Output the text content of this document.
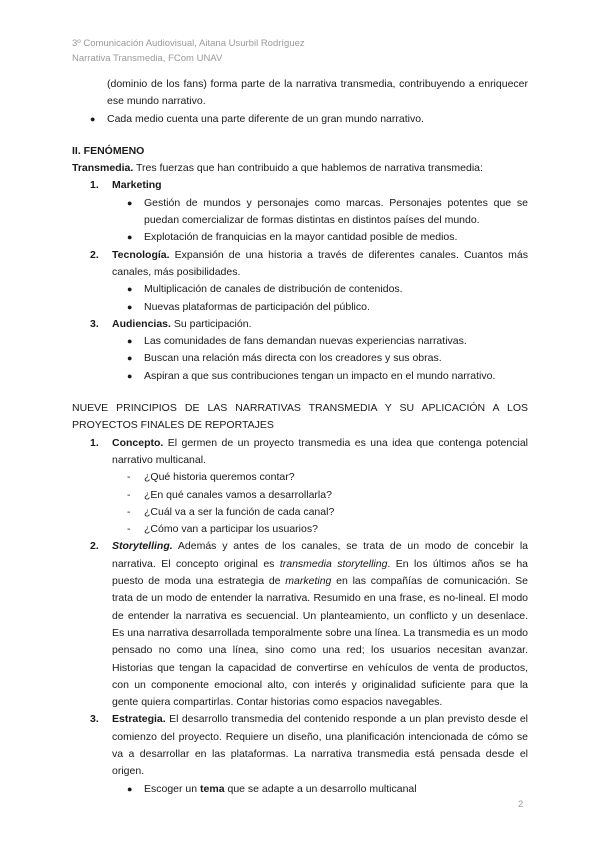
3º Comunicación Audiovisual, Aitana Usurbil Rodríguez
Narrativa Transmedia, FCom UNAV

(dominio de los fans) forma parte de la narrativa transmedia, contribuyendo a enriquecer ese mundo narrativo.

● Cada medio cuenta una parte diferente de un gran mundo narrativo.

II. FENÓMENO

Transmedia. Tres fuerzas que han contribuido a que hablemos de narrativa transmedia:

1. Marketing
● Gestión de mundos y personajes como marcas. Personajes potentes que se puedan comercializar de formas distintas en distintos países del mundo.
● Explotación de franquicias en la mayor cantidad posible de medios.
2. Tecnología. Expansión de una historia a través de diferentes canales. Cuantos más canales, más posibilidades.
● Multiplicación de canales de distribución de contenidos.
● Nuevas plataformas de participación del público.
3. Audiencias. Su participación.
● Las comunidades de fans demandan nuevas experiencias narrativas.
● Buscan una relación más directa con los creadores y sus obras.
● Aspiran a que sus contribuciones tengan un impacto en el mundo narrativo.

NUEVE PRINCIPIOS DE LAS NARRATIVAS TRANSMEDIA Y SU APLICACIÓN A LOS PROYECTOS FINALES DE REPORTAJES

1. Concepto. El germen de un proyecto transmedia es una idea que contenga potencial narrativo multicanal.
- ¿Qué historia queremos contar?
- ¿En qué canales vamos a desarrollarla?
- ¿Cuál va a ser la función de cada canal?
- ¿Cómo van a participar los usuarios?
2. Storytelling. Además y antes de los canales, se trata de un modo de concebir la narrativa. El concepto original es transmedia storytelling. En los últimos años se ha puesto de moda una estrategia de marketing en las compañías de comunicación. Se trata de un modo de entender la narrativa. Resumido en una frase, es no-lineal. El modo de entender la narrativa es secuencial. Un planteamiento, un conflicto y un desenlace. Es una narrativa desarrollada temporalmente sobre una línea. La transmedia es un modo pensado no como una línea, sino como una red; los usuarios necesitan avanzar. Historias que tengan la capacidad de convertirse en vehículos de venta de productos, con un componente emocional alto, con interés y originalidad suficiente para que la gente quiera compartirlas. Contar historias como espacios navegables.
3. Estrategia. El desarrollo transmedia del contenido responde a un plan previsto desde el comienzo del proyecto. Requiere un diseño, una planificación intencionada de cómo se va a desarrollar en las plataformas. La narrativa transmedia está pensada desde el origen.
● Escoger un tema que se adapte a un desarrollo multicanal
2
